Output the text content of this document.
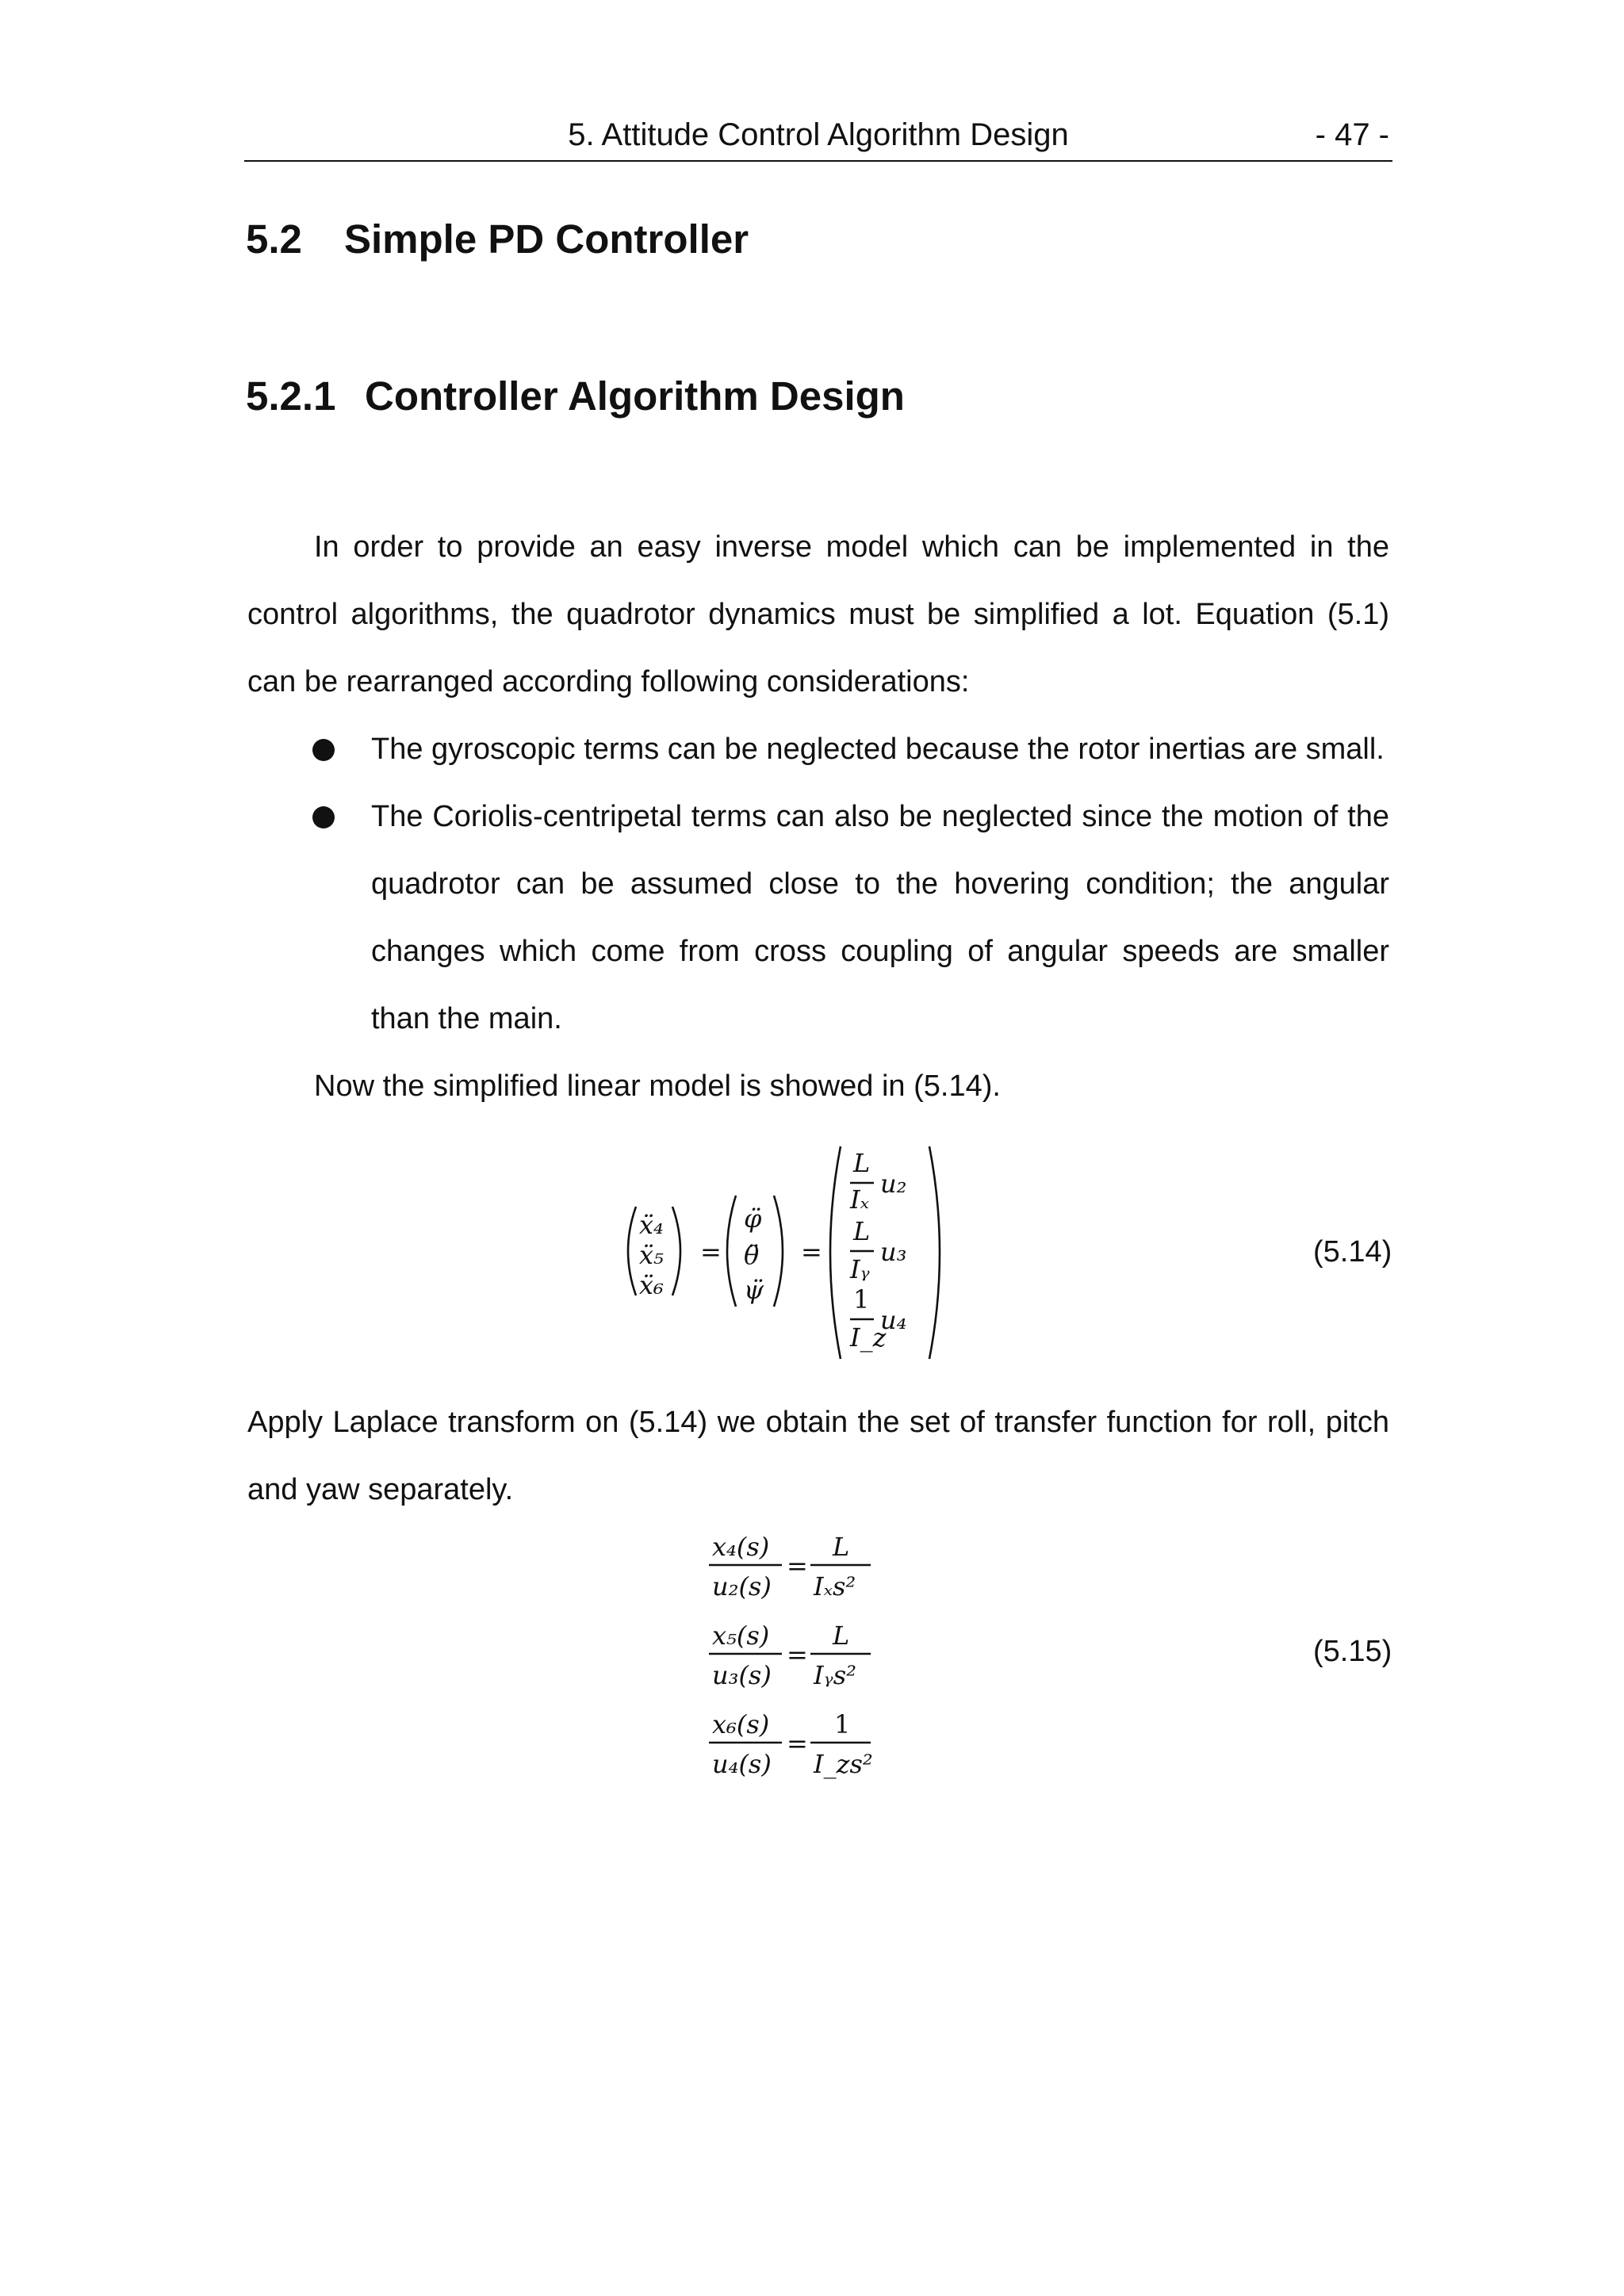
5. Attitude Control Algorithm Design	- 47 -
5.2 Simple PD Controller
5.2.1 Controller Algorithm Design

In order to provide an easy inverse model which can be implemented in the control algorithms, the quadrotor dynamics must be simplified a lot. Equation (5.1) can be rearranged according following considerations:

The gyroscopic terms can be neglected because the rotor inertias are small.
The Coriolis-centripetal terms can also be neglected since the motion of the quadrotor can be assumed close to the hovering condition; the angular changes which come from cross coupling of angular speeds are smaller than the main.
Now the simplified linear model is showed in (5.14).
ẍ₄
ẍ₅
ẍ₆
=
φ̈
θ̈
ψ̈
=
L
Iₓ
u₂
L
Iᵧ
u₃
1
I_z
u₄
(5.14)

Apply Laplace transform on (5.14) we obtain the set of transfer function for roll, pitch and yaw separately.

x₄(s)
u₂(s)
=
L
Iₓs²
x₅(s)
u₃(s)
=
L
Iᵧs²
x₆(s)
u₄(s)
=
1
I_zs²
(5.15)
